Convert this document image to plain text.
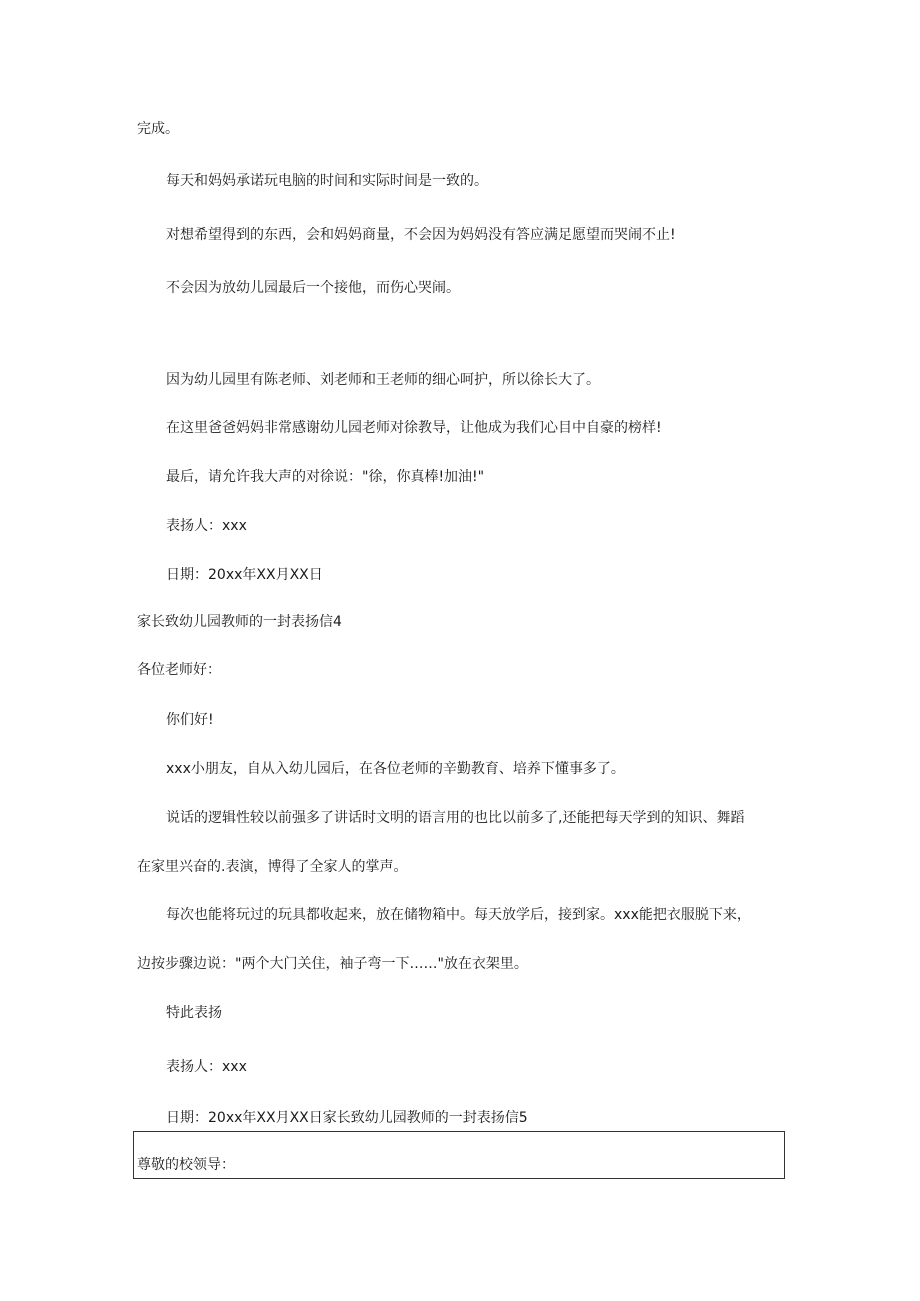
完成。

每天和妈妈承诺玩电脑的时间和实际时间是一致的。

对想希望得到的东西，会和妈妈商量，不会因为妈妈没有答应满足愿望而哭闹不止!

不会因为放幼儿园最后一个接他，而伤心哭闹。

因为幼儿园里有陈老师、刘老师和王老师的细心呵护，所以徐长大了。

在这里爸爸妈妈非常感谢幼儿园老师对徐教导，让他成为我们心目中自豪的榜样!

最后，请允许我大声的对徐说："徐，你真棒!加油!"

表扬人：xxx

日期：20xx年XX月XX日

家长致幼儿园教师的一封表扬信4

各位老师好：

你们好!

xxx小朋友，自从入幼儿园后，在各位老师的辛勤教育、培养下懂事多了。

说话的逻辑性较以前强多了讲话时文明的语言用的也比以前多了,还能把每天学到的知识、舞蹈

在家里兴奋的.表演，博得了全家人的掌声。

每次也能将玩过的玩具都收起来，放在储物箱中。每天放学后，接到家。xxx能把衣服脱下来，

边按步骤边说："两个大门关住，袖子弯一下……"放在衣架里。

特此表扬

表扬人：xxx

日期：20xx年XX月XX日家长致幼儿园教师的一封表扬信5

尊敬的校领导：
